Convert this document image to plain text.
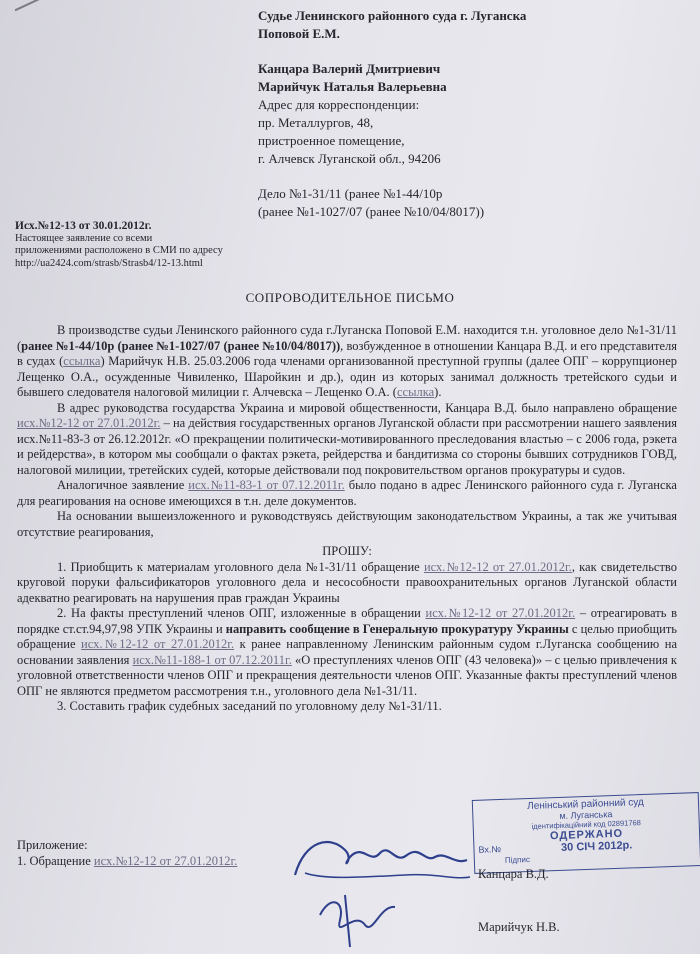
Судье Ленинского районного суда г. Луганска
Поповой Е.М.
Канцара Валерий Дмитриевич
Марийчук Наталья Валерьевна
Адрес для корреспонденции:
пр. Металлургов, 48,
пристроенное помещение,
г. Алчевск Луганской обл., 94206
Дело №1-31/11 (ранее №1-44/10р
(ранее №1-1027/07 (ранее №10/04/8017))
Исх.№12-13 от 30.01.2012г.
Настоящее заявление со всеми
приложениями расположено в СМИ по адресу
http://ua2424.com/strasb/Strasb4/12-13.html
СОПРОВОДИТЕЛЬНОЕ ПИСЬМО

В производстве судьи Ленинского районного суда г.Луганска Поповой Е.М. находится т.н. уголовное дело №1-31/11 (ранее №1-44/10р (ранее №1-1027/07 (ранее №10/04/8017)), возбужденное в отношении Канцара В.Д. и его представителя в судах (ссылка) Марийчук Н.В. 25.03.2006 года членами организованной преступной группы (далее ОПГ – коррупционер Лещенко О.А., осужденные Чивиленко, Шаройкин и др.), один из которых занимал должность третейского судьи и бывшего следователя налоговой милиции г. Алчевска – Лещенко О.А. (ссылка).

В адрес руководства государства Украина и мировой общественности, Канцара В.Д. было направлено обращение исх.№12-12 от 27.01.2012г. – на действия государственных органов Луганской области при рассмотрении нашего заявления исх.№11-83-3 от 26.12.2012г. «О прекращении политически-мотивированного преследования властью – с 2006 года, рэкета и рейдерства», в котором мы сообщали о фактах рэкета, рейдерства и бандитизма со стороны бывших сотрудников ГОВД, налоговой милиции, третейских судей, которые действовали под покровительством органов прокуратуры и судов.

Аналогичное заявление исх.№11-83-1 от 07.12.2011г. было подано в адрес Ленинского районного суда г. Луганска для реагирования на основе имеющихся в т.н. деле документов.

На основании вышеизложенного и руководствуясь действующим законодательством Украины, а так же учитывая отсутствие реагирования,

ПРОШУ:

1. Приобщить к материалам уголовного дела №1-31/11 обращение исх.№12-12 от 27.01.2012г., как свидетельство круговой поруки фальсификаторов уголовного дела и несособности правоохранительных органов Луганской области адекватно реагировать на нарушения прав граждан Украины

2. На факты преступлений членов ОПГ, изложенные в обращении исх.№12-12 от 27.01.2012г. – отреагировать в порядке ст.ст.94,97,98 УПК Украины и направить сообщение в Генеральную прокуратуру Украины с целью приобщить обращение исх.№12-12 от 27.01.2012г. к ранее направленному Ленинским районным судом г.Луганска сообщению на основании заявления исх.№11-188-1 от 07.12.2011г. «О преступлениях членов ОПГ (43 человека)» – с целью привлечения к уголовной ответственности членов ОПГ и прекращения деятельности членов ОПГ. Указанные факты преступлений членов ОПГ не являются предметом рассмотрения т.н., уголовного дела №1-31/11.

3. Составить график судебных заседаний по уголовному делу №1-31/11.

Приложение:
1. Обращение исх.№12-12 от 27.01.2012г.
Ленінський районний суд
м. Луганська
ідентифікаційний код 02891768
ОДЕРЖАНО
Вх.№	30 СІЧ 2012р.
Підпис
Канцара В.Д.
Марийчук Н.В.
